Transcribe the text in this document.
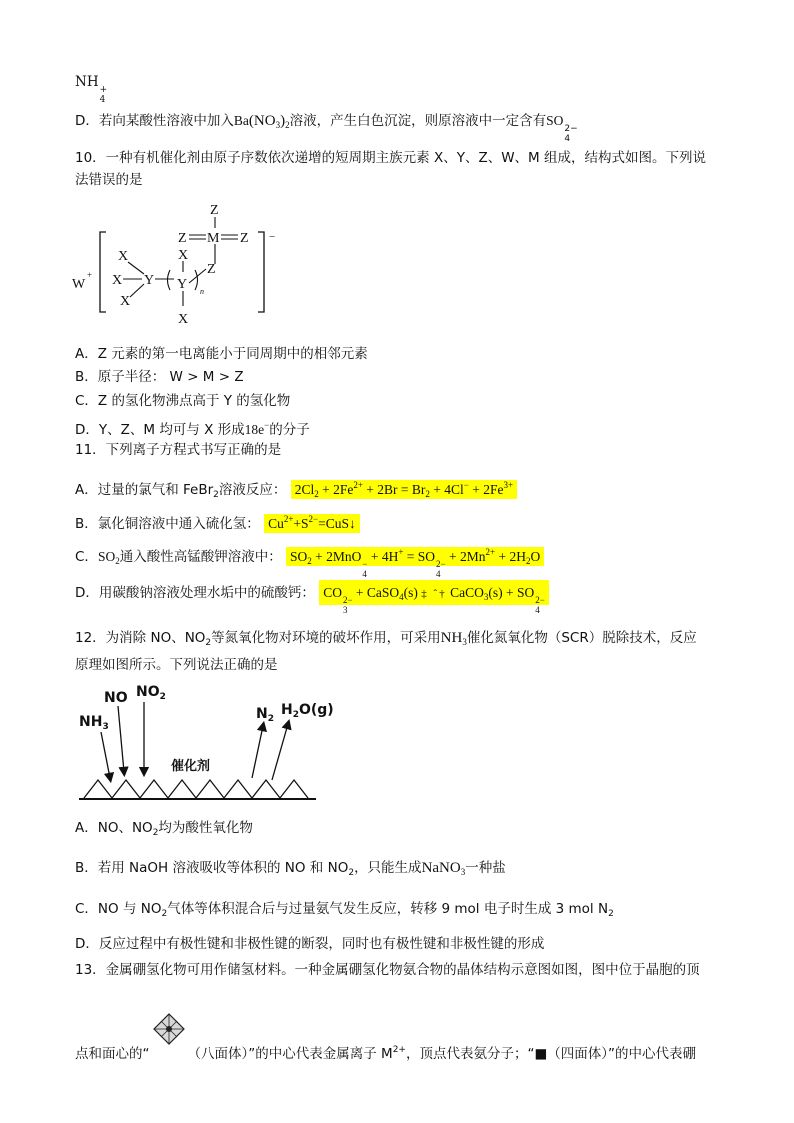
NH +
4
D．若向某酸性溶液中加入$Ba(NO_3)_2$溶液，产生白色沉淀，则原溶液中一定含有SO
2−
4
10．一种有机催化剂由原子序数依次递增的短周期主族元素 X、Y、Z、W、M 组成，结构式如图。下列说
法错误的是
W
+
−
Z
Z M Z
X
X
X
Y
X
Y
X
Z
n
A．Z 元素的第一电离能小于同周期中的相邻元素
B．原子半径： W > M > Z
C．Z 的氢化物沸点高于 Y 的氢化物
D．Y、Z、M 均可与 X 形成18e−的分子
11．下列离子方程式书写正确的是
A．过量的氯气和 FeBr$_2$溶液反应： $2Cl_2 + 2Fe^{2+} + 2Br = Br_2 + 4Cl^- + 2Fe^{3+}$
B．氯化铜溶液中通入硫化氢： $Cu^{2+}+S^{2-}=CuS↓$
C．$SO_2$通入酸性高锰酸钾溶液中： $SO_2 + 2MnO$ −
4
+ 4H+ = SO 2−
4
+ $2Mn^{2+} + 2H_2O$
D．用碳酸钠溶液处理水垢中的硫酸钙： CO 2−
3
+ CaSO$_4$(s) ‡ ˆ† CaCO$_3$(s) + SO 2−
4
12．为消除 NO、$NO_2$等氮氧化物对环境的破坏作用，可采用$NH_3$催化氮氧化物（SCR）脱除技术，反应
原理如图所示。下列说法正确的是
NO $NO_2$
$NH_3$
$N_2$
$H_2O(g)$
催化剂
A．NO、$NO_2$均为酸性氧化物
B．若用 NaOH 溶液吸收等体积的 NO 和 $NO_2$，只能生成NaNO$_3$一种盐
C．NO 与 $NO_2$气体等体积混合后与过量氨气发生反应，转移 9 mol 电子时生成 3 mol $N_2$
D．反应过程中有极性键和非极性键的断裂，同时也有极性键和非极性键的形成
13．金属硼氢化物可用作储氢材料。一种金属硼氢化物氨合物的晶体结构示意图如图，图中位于晶胞的顶
点和面心的“	（八面体）”的中心代表金属离子 $M^{2+}$，顶点代表氨分子；“■（四面体）”的中心代表硼
